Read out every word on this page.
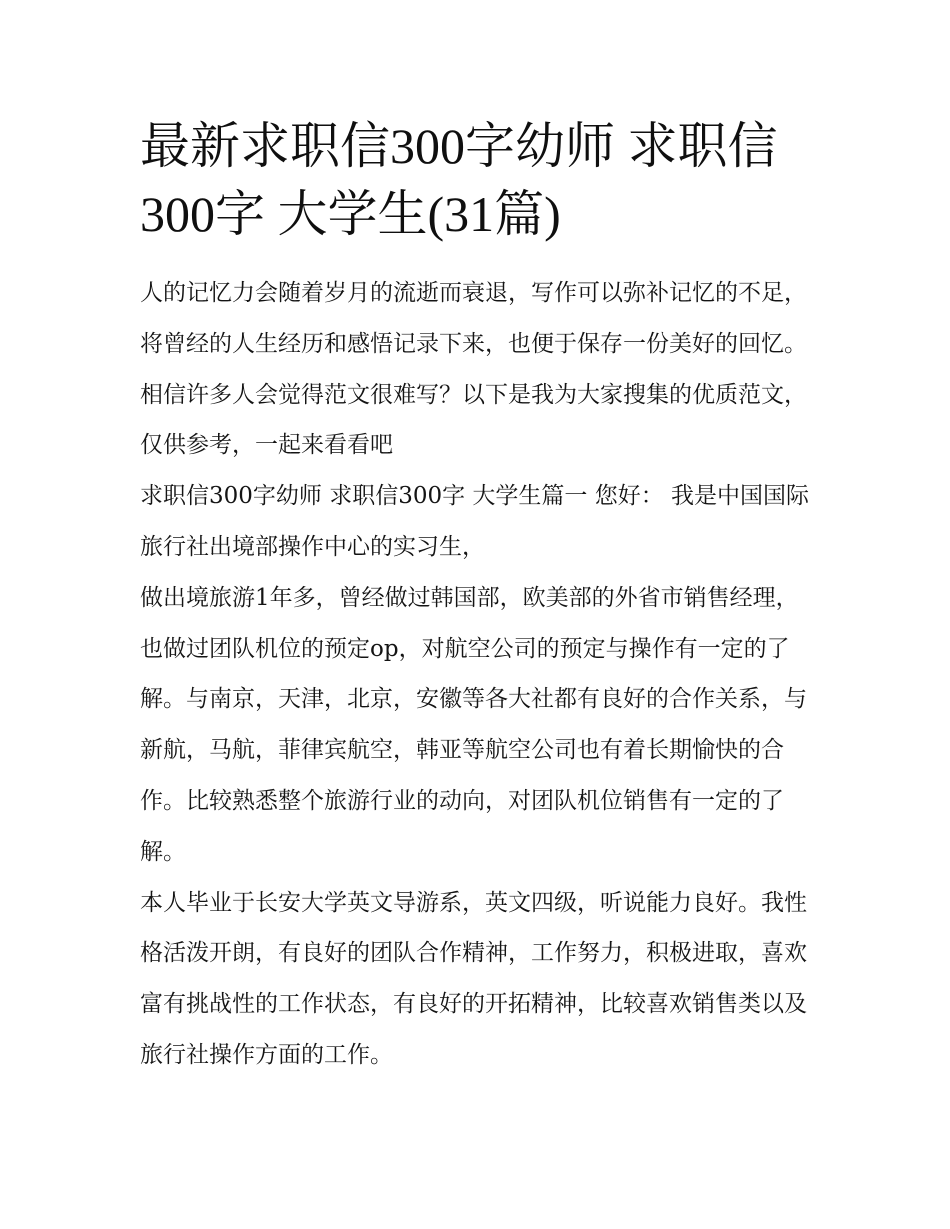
最新求职信300字幼师 求职信300字 大学生(31篇)

人的记忆力会随着岁月的流逝而衰退，写作可以弥补记忆的不足，将曾经的人生经历和感悟记录下来，也便于保存一份美好的回忆。相信许多人会觉得范文很难写？以下是我为大家搜集的优质范文，仅供参考，一起来看看吧

求职信300字幼师 求职信300字 大学生篇一 您好： 我是中国国际旅行社出境部操作中心的实习生，

做出境旅游1年多，曾经做过韩国部，欧美部的外省市销售经理，也做过团队机位的预定op，对航空公司的预定与操作有一定的了解。与南京，天津，北京，安徽等各大社都有良好的合作关系，与新航，马航，菲律宾航空，韩亚等航空公司也有着长期愉快的合作。比较熟悉整个旅游行业的动向，对团队机位销售有一定的了解。

本人毕业于长安大学英文导游系，英文四级，听说能力良好。我性格活泼开朗，有良好的团队合作精神，工作努力，积极进取，喜欢富有挑战性的工作状态，有良好的开拓精神，比较喜欢销售类以及旅行社操作方面的工作。
